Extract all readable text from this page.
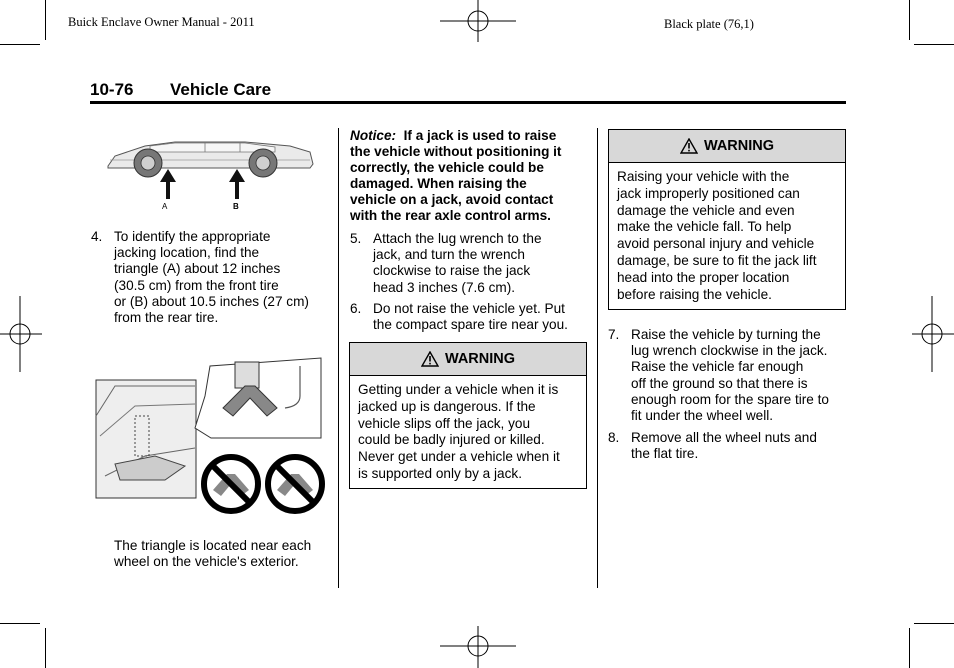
Buick Enclave Owner Manual - 2011	Black plate (76,1)
10-76 Vehicle Care
A	B
4. To identify the appropriate
jacking location, find the
triangle (A) about 12 inches
(30.5 cm) from the front tire
or (B) about 10.5 inches (27 cm)
from the rear tire.
The triangle is located near each
wheel on the vehicle's exterior.
Notice: If a jack is used to raise
the vehicle without positioning it
correctly, the vehicle could be
damaged. When raising the
vehicle on a jack, avoid contact
with the rear axle control arms.
5. Attach the lug wrench to the
jack, and turn the wrench
clockwise to raise the jack
head 3 inches (7.6 cm).
6. Do not raise the vehicle yet. Put
the compact spare tire near you.
WARNING
Getting under a vehicle when it is
jacked up is dangerous. If the
vehicle slips off the jack, you
could be badly injured or killed.
Never get under a vehicle when it
is supported only by a jack.
WARNING
Raising your vehicle with the
jack improperly positioned can
damage the vehicle and even
make the vehicle fall. To help
avoid personal injury and vehicle
damage, be sure to fit the jack lift
head into the proper location
before raising the vehicle.
7. Raise the vehicle by turning the
lug wrench clockwise in the jack.
Raise the vehicle far enough
off the ground so that there is
enough room for the spare tire to
fit under the wheel well.
8. Remove all the wheel nuts and
the flat tire.
